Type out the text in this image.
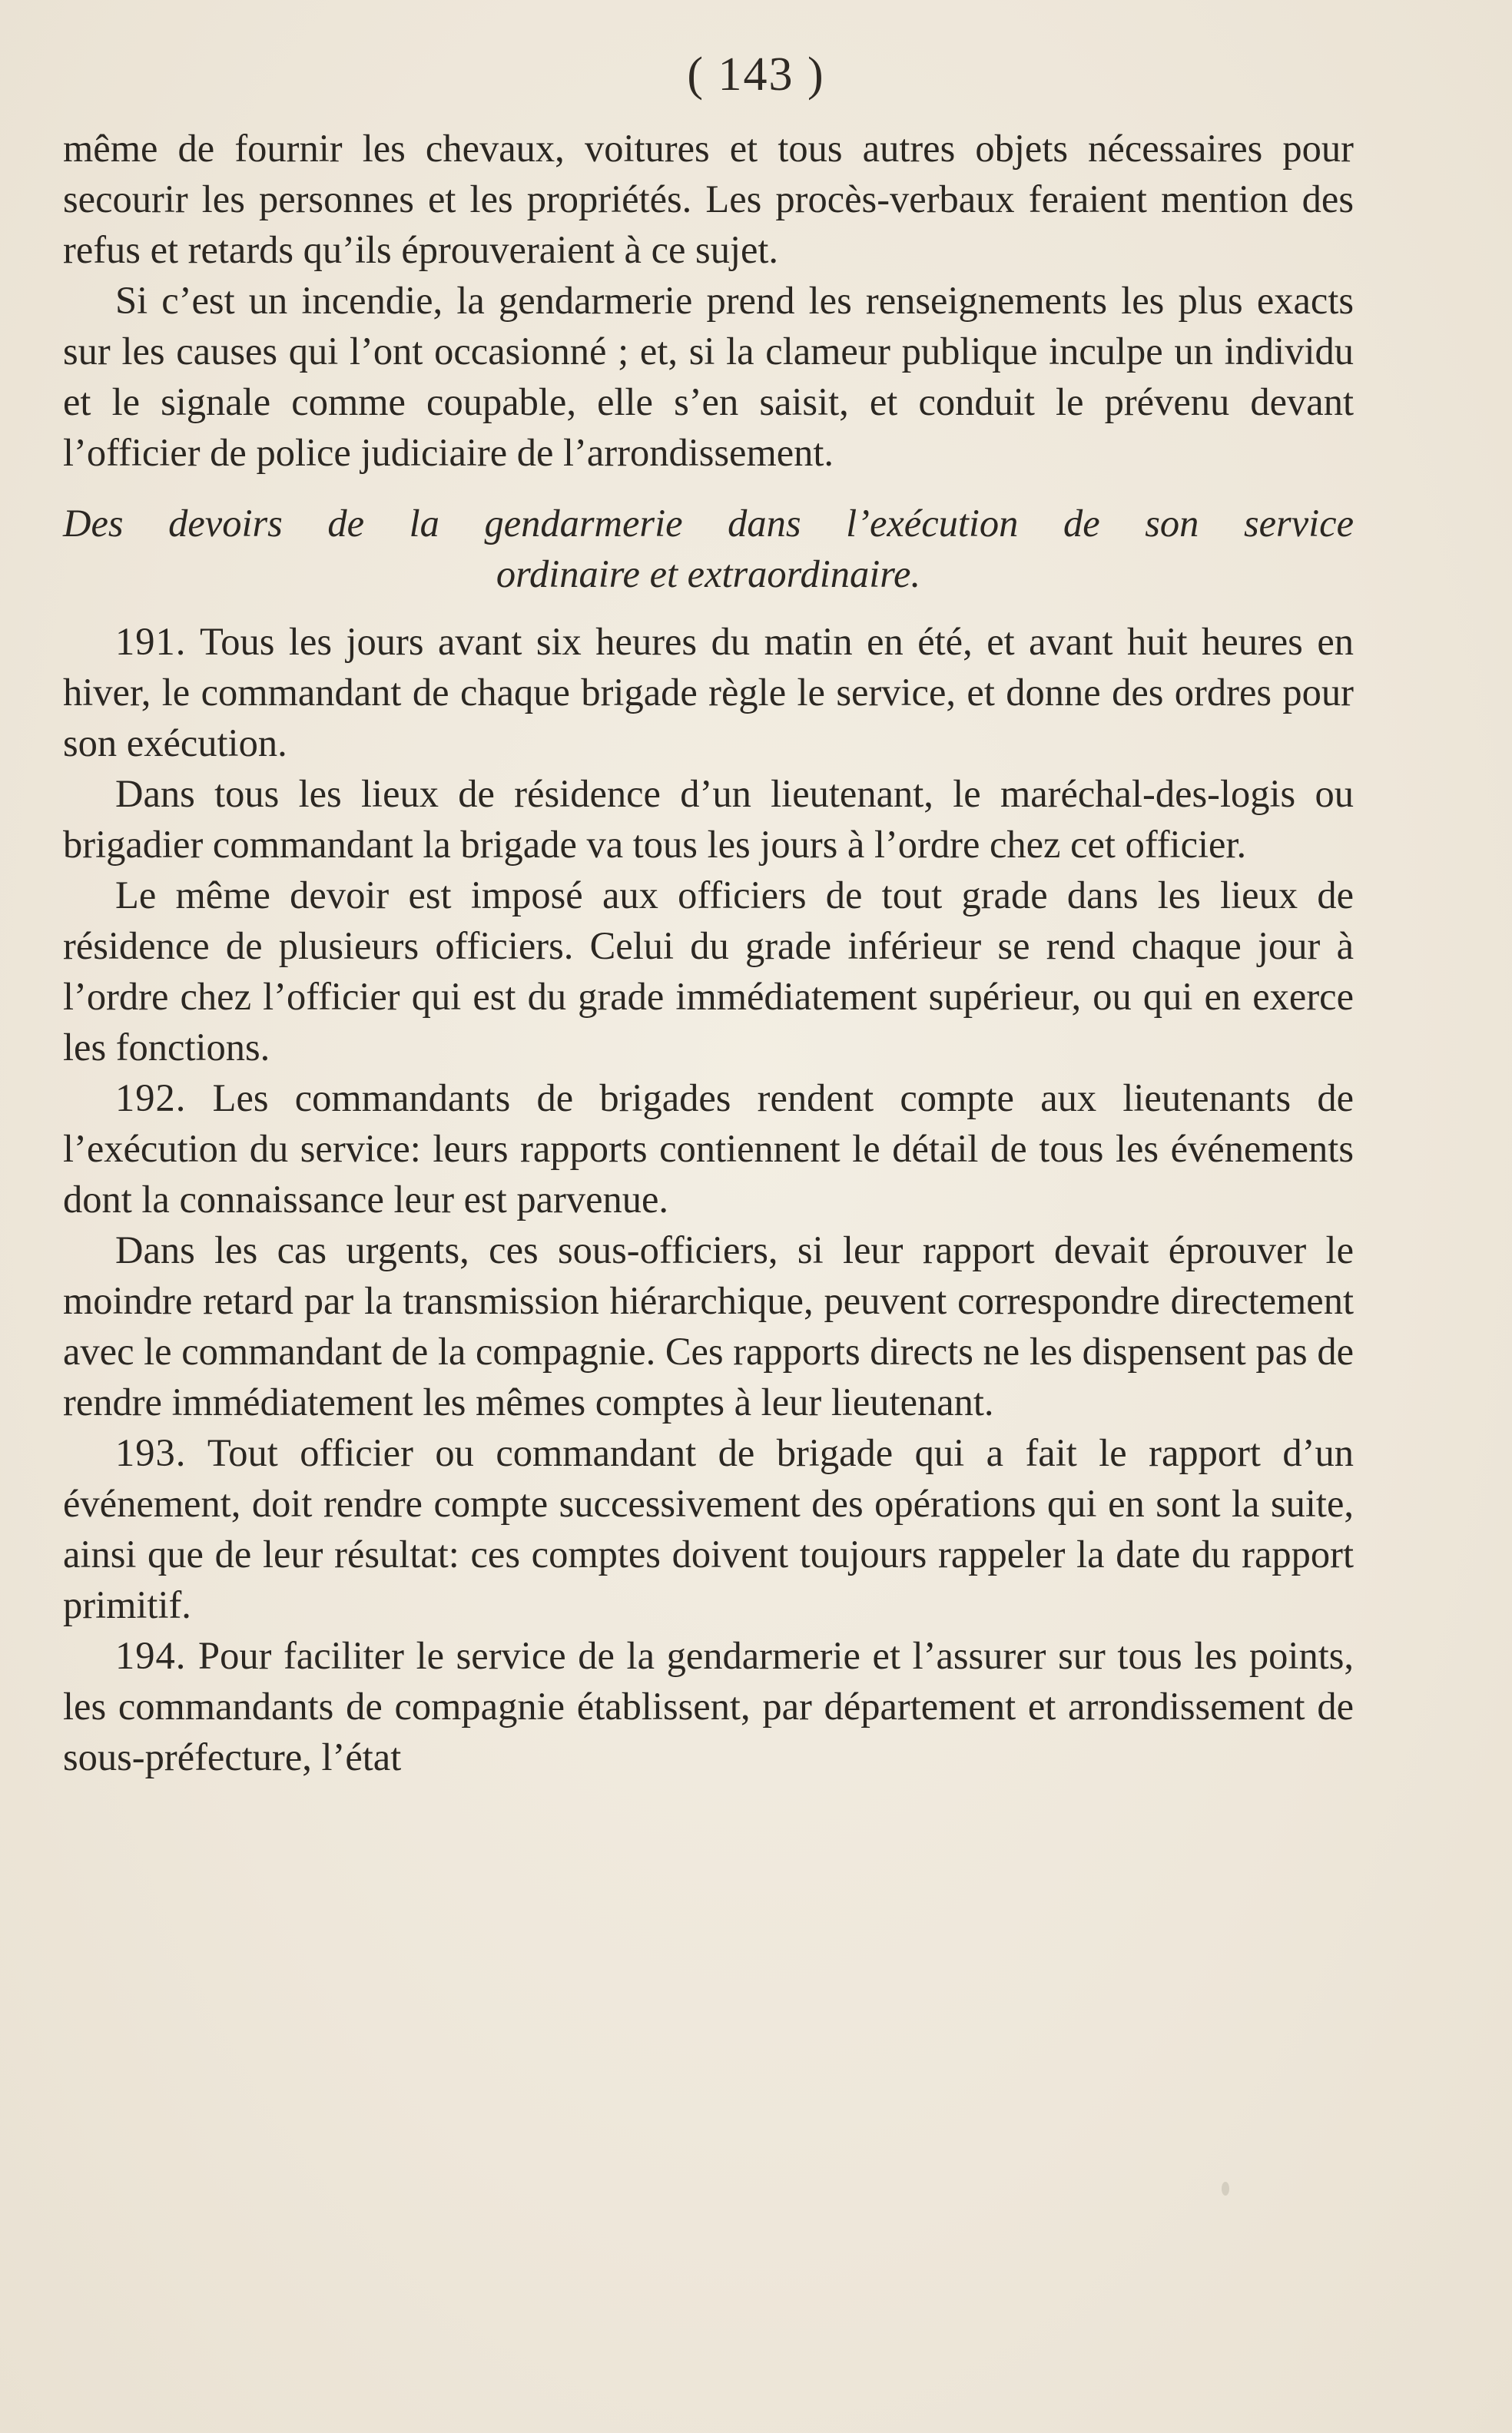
( 143 )

même de fournir les chevaux, voitures et tous autres objets nécessaires pour secourir les personnes et les propriétés. Les procès-verbaux feraient mention des refus et retards qu’ils éprouveraient à ce sujet.

Si c’est un incendie, la gendarmerie prend les renseignements les plus exacts sur les causes qui l’ont occasionné ; et, si la clameur publique inculpe un individu et le signale comme coupable, elle s’en saisit, et conduit le prévenu devant l’officier de police judiciaire de l’arrondissement.

Des devoirs de la gendarmerie dans l’exécution de son service
ordinaire et extraordinaire.

191. Tous les jours avant six heures du matin en été, et avant huit heures en hiver, le commandant de chaque brigade règle le service, et donne des ordres pour son exécution.

Dans tous les lieux de résidence d’un lieutenant, le maréchal-des-logis ou brigadier commandant la brigade va tous les jours à l’ordre chez cet officier.

Le même devoir est imposé aux officiers de tout grade dans les lieux de résidence de plusieurs officiers. Celui du grade inférieur se rend chaque jour à l’ordre chez l’officier qui est du grade immédiatement supérieur, ou qui en exerce les fonctions.

192. Les commandants de brigades rendent compte aux lieutenants de l’exécution du service: leurs rapports contiennent le détail de tous les événements dont la connaissance leur est parvenue.

Dans les cas urgents, ces sous-officiers, si leur rapport devait éprouver le moindre retard par la transmission hiérarchique, peuvent correspondre directement avec le commandant de la compagnie. Ces rapports directs ne les dispensent pas de rendre immédiatement les mêmes comptes à leur lieutenant.

193. Tout officier ou commandant de brigade qui a fait le rapport d’un événement, doit rendre compte successivement des opérations qui en sont la suite, ainsi que de leur résultat: ces comptes doivent toujours rappeler la date du rapport primitif.

194. Pour faciliter le service de la gendarmerie et l’assurer sur tous les points, les commandants de compagnie établissent, par département et arrondissement de sous-préfecture, l’état
